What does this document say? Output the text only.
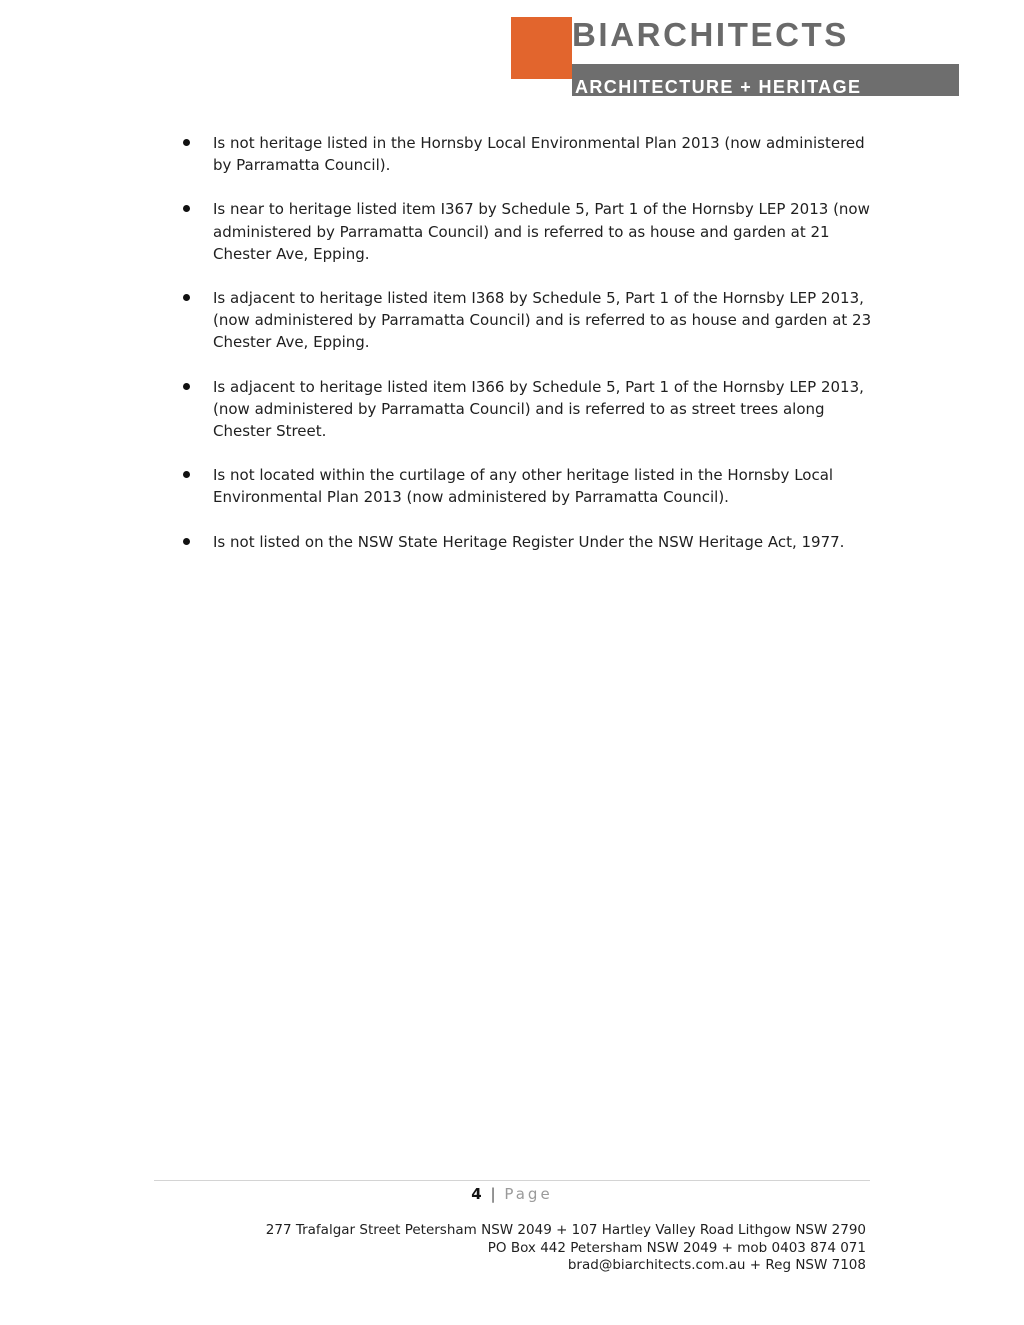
BIARCHITECTS
ARCHITECTURE + HERITAGE
Is not heritage listed in the Hornsby Local Environmental Plan 2013 (now administered by Parramatta Council).
Is near to heritage listed item I367 by Schedule 5, Part 1 of the Hornsby LEP 2013 (now administered by Parramatta Council) and is referred to as house and garden at 21 Chester Ave, Epping.
Is adjacent to heritage listed item I368 by Schedule 5, Part 1 of the Hornsby LEP 2013, (now administered by Parramatta Council) and is referred to as house and garden at 23 Chester Ave, Epping.
Is adjacent to heritage listed item I366 by Schedule 5, Part 1 of the Hornsby LEP 2013, (now administered by Parramatta Council) and is referred to as street trees along Chester Street.
Is not located within the curtilage of any other heritage listed in the Hornsby Local Environmental Plan 2013 (now administered by Parramatta Council).
Is not listed on the NSW State Heritage Register Under the NSW Heritage Act, 1977.
4 | Page
277 Trafalgar Street Petersham NSW 2049 + 107 Hartley Valley Road Lithgow NSW 2790
PO Box 442 Petersham NSW 2049 + mob 0403 874 071
brad@biarchitects.com.au + Reg NSW 7108
